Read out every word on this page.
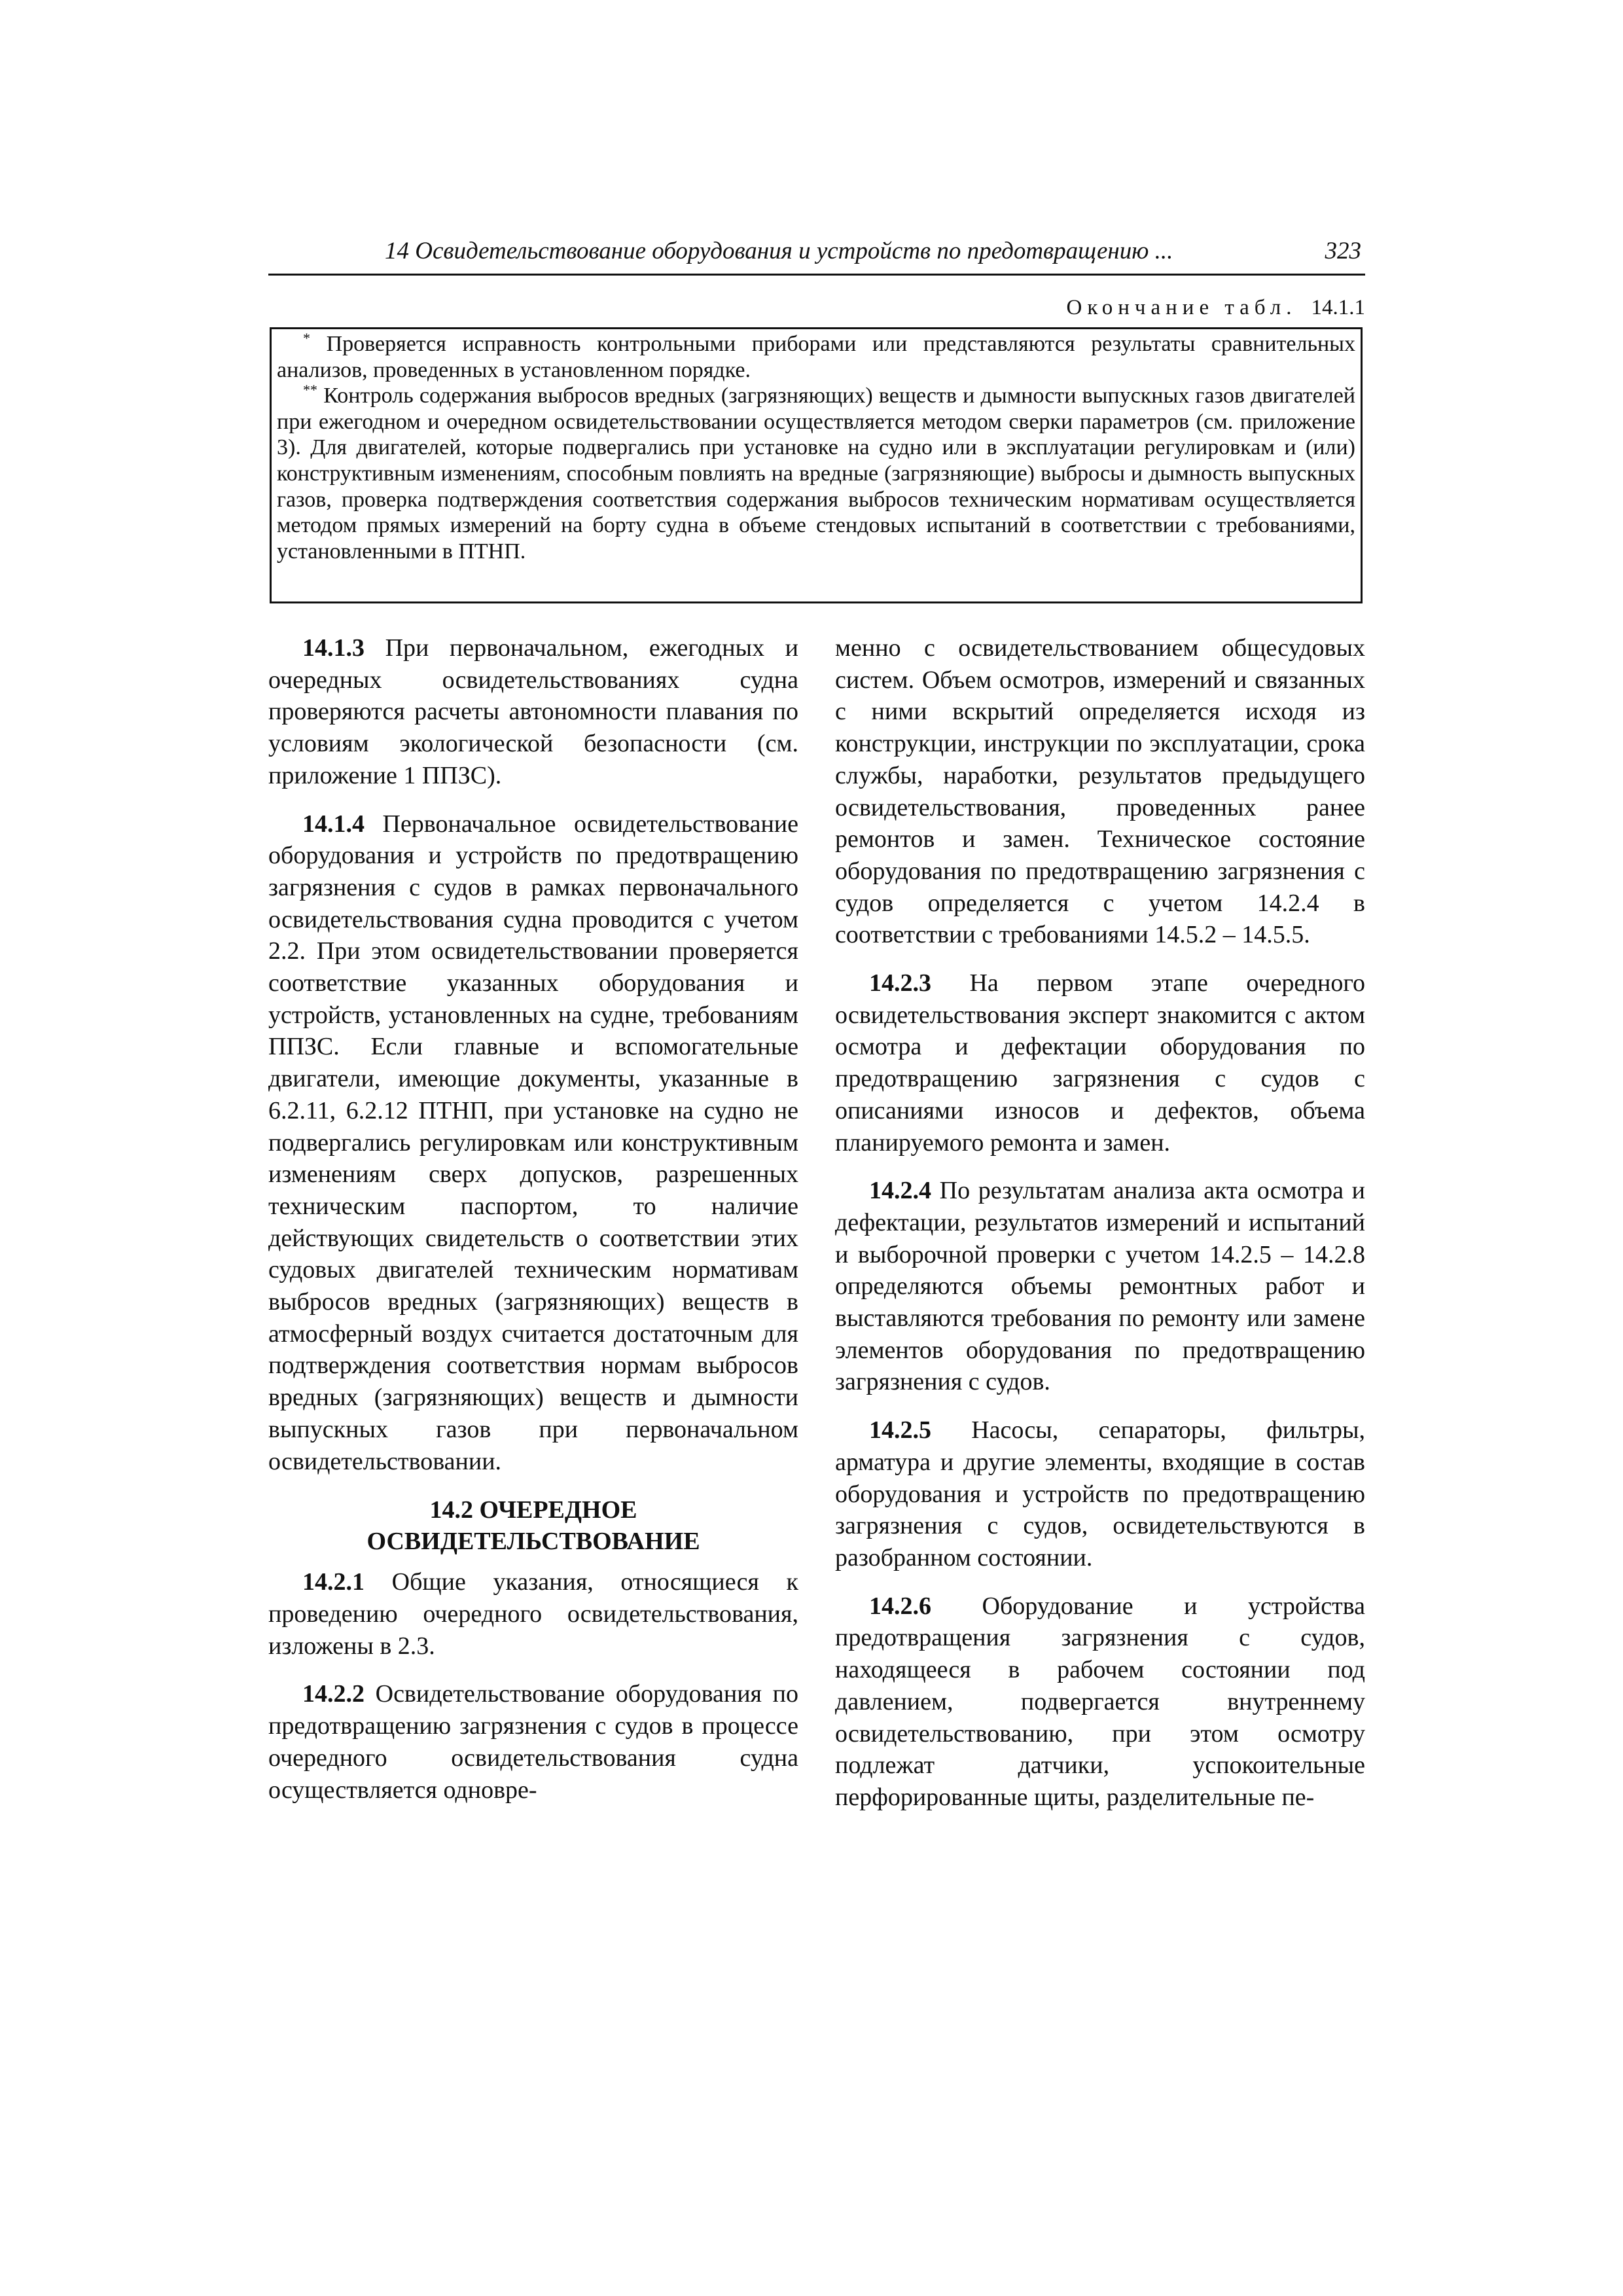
14 Освидетельствование оборудования и устройств по предотвращению ...	323
Окончание табл. 14.1.1

* Проверяется исправность контрольными приборами или представляются результаты сравнительных анализов, проведенных в установленном порядке.

** Контроль содержания выбросов вредных (загрязняющих) веществ и дымности выпускных газов двигателей при ежегодном и очередном освидетельствовании осуществляется методом сверки параметров (см. приложение 3). Для двигателей, которые подвергались при установке на судно или в эксплуатации регулировкам и (или) конструктивным изменениям, способным повлиять на вредные (загрязняющие) выбросы и дымность выпускных газов, проверка подтверждения соответствия содержания выбросов техническим нормативам осуществляется методом прямых измерений на борту судна в объеме стендовых испытаний в соответствии с требованиями, установленными в ПТНП.

14.1.3 При первоначальном, ежегодных и очередных освидетельствованиях судна проверяются расчеты автономности плавания по условиям экологической безопасности (см. приложение 1 ППЗС).

14.1.4 Первоначальное освидетельствование оборудования и устройств по предотвращению загрязнения с судов в рамках первоначального освидетельствования судна проводится с учетом 2.2. При этом освидетельствовании проверяется соответствие указанных оборудования и устройств, установленных на судне, требованиям ППЗС. Если главные и вспомогательные двигатели, имеющие документы, указанные в 6.2.11, 6.2.12 ПТНП, при установке на судно не подвергались регулировкам или конструктивным изменениям сверх допусков, разрешенных техническим паспортом, то наличие действующих свидетельств о соответствии этих судовых двигателей техническим нормативам выбросов вредных (загрязняющих) веществ в атмосферный воздух считается достаточным для подтверждения соответствия нормам выбросов вредных (загрязняющих) веществ и дымности выпускных газов при первоначальном освидетельствовании.

14.2 ОЧЕРЕДНОЕ
ОСВИДЕТЕЛЬСТВОВАНИЕ

14.2.1 Общие указания, относящиеся к проведению очередного освидетельствования, изложены в 2.3.

14.2.2 Освидетельствование оборудования по предотвращению загрязнения с судов в процессе очередного освидетельствования судна осуществляется одновре-

менно с освидетельствованием общесудовых систем. Объем осмотров, измерений и связанных с ними вскрытий определяется исходя из конструкции, инструкции по эксплуатации, срока службы, наработки, результатов предыдущего освидетельствования, проведенных ранее ремонтов и замен. Техническое состояние оборудования по предотвращению загрязнения с судов определяется с учетом 14.2.4 в соответствии с требованиями 14.5.2 – 14.5.5.

14.2.3 На первом этапе очередного освидетельствования эксперт знакомится с актом осмотра и дефектации оборудования по предотвращению загрязнения с судов с описаниями износов и дефектов, объема планируемого ремонта и замен.

14.2.4 По результатам анализа акта осмотра и дефектации, результатов измерений и испытаний и выборочной проверки с учетом 14.2.5 – 14.2.8 определяются объемы ремонтных работ и выставляются требования по ремонту или замене элементов оборудования по предотвращению загрязнения с судов.

14.2.5 Насосы, сепараторы, фильтры, арматура и другие элементы, входящие в состав оборудования и устройств по предотвращению загрязнения с судов, освидетельствуются в разобранном состоянии.

14.2.6 Оборудование и устройства предотвращения загрязнения с судов, находящееся в рабочем состоянии под давлением, подвергается внутреннему освидетельствованию, при этом осмотру подлежат датчики, успокоительные перфорированные щиты, разделительные пе-
